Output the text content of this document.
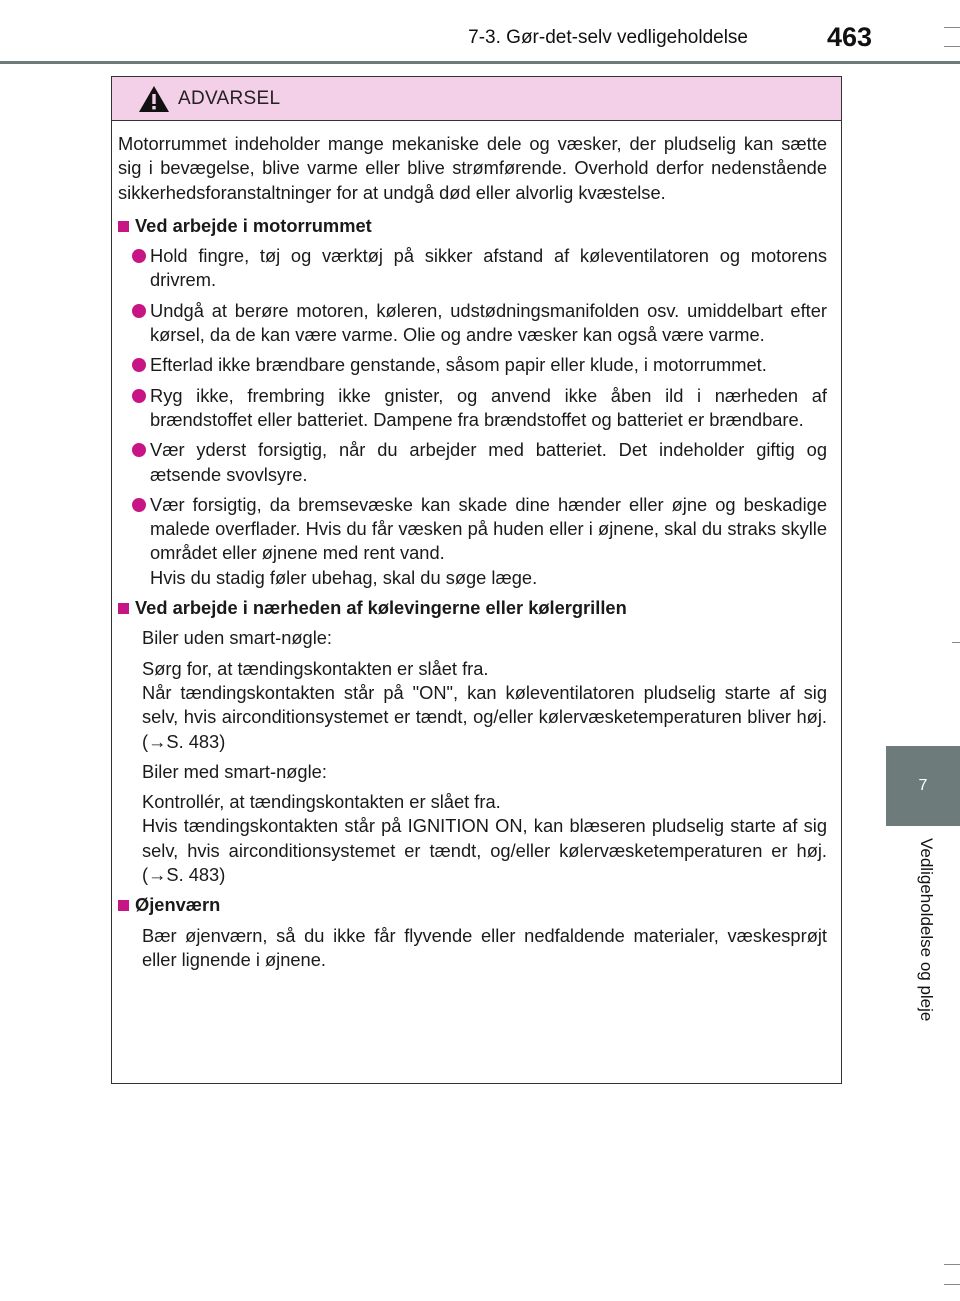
7-3. Gør-det-selv vedligeholdelse	463
7
Vedligeholdelse og pleje
ADVARSEL

Motorrummet indeholder mange mekaniske dele og væsker, der pludselig kan sætte sig i bevægelse, blive varme eller blive strømførende. Overhold derfor nedenstående sikkerhedsforanstaltninger for at undgå død eller alvorlig kvæstelse.

Ved arbejde i motorrummet

Hold fingre, tøj og værktøj på sikker afstand af køleventilatoren og motorens drivrem.

Undgå at berøre motoren, køleren, udstødningsmanifolden osv. umiddelbart efter kørsel, da de kan være varme. Olie og andre væsker kan også være varme.

Efterlad ikke brændbare genstande, såsom papir eller klude, i motorrummet.

Ryg ikke, frembring ikke gnister, og anvend ikke åben ild i nærheden af brændstoffet eller batteriet. Dampene fra brændstoffet og batteriet er brændbare.

Vær yderst forsigtig, når du arbejder med batteriet. Det indeholder giftig og ætsende svovlsyre.

Vær forsigtig, da bremsevæske kan skade dine hænder eller øjne og beskadige malede overflader. Hvis du får væsken på huden eller i øjnene, skal du straks skylle området eller øjnene med rent vand.

Hvis du stadig føler ubehag, skal du søge læge.

Ved arbejde i nærheden af kølevingerne eller kølergrillen

Biler uden smart-nøgle:

Sørg for, at tændingskontakten er slået fra.

Når tændingskontakten står på "ON", kan køleventilatoren pludselig starte af sig selv, hvis airconditionsystemet er tændt, og/eller kølervæsketemperaturen bliver høj. (→S. 483)

Biler med smart-nøgle:

Kontrollér, at tændingskontakten er slået fra.

Hvis tændingskontakten står på IGNITION ON, kan blæseren pludselig starte af sig selv, hvis airconditionsystemet er tændt, og/eller kølervæsketemperaturen er høj. (→S. 483)

Øjenværn

Bær øjenværn, så du ikke får flyvende eller nedfaldende materialer, væskesprøjt eller lignende i øjnene.
